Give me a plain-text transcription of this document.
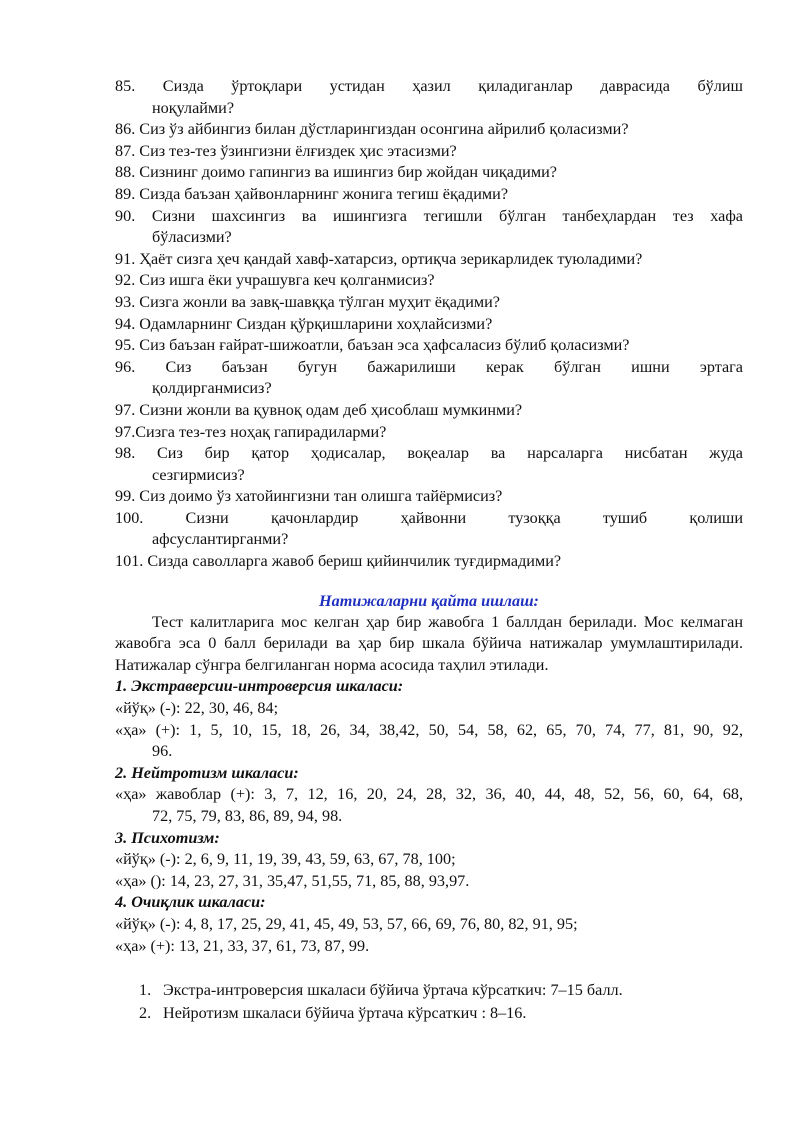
85. Сизда ўртоқлари устидан ҳазил қиладиганлар даврасида бўлиш
ноқулайми?

86. Сиз ўз айбингиз билан дўстларингиздан осонгина айрилиб қоласизми?

87. Сиз тез-тез ўзингизни ёлғиздек ҳис этасизми?

88. Сизнинг доимо гапингиз ва ишингиз бир жойдан чиқадими?

89. Сизда баъзан ҳайвонларнинг жонига тегиш ёқадими?

90. Сизни шахсингиз ва ишингизга тегишли бўлган танбеҳлардан тез хафа
бўласизми?

91. Ҳаёт сизга ҳеч қандай хавф-хатарсиз, ортиқча зерикарлидек туюладими?

92. Сиз ишга ёки учрашувга кеч қолганмисиз?

93. Сизга жонли ва завқ-шавққа тўлган муҳит ёқадими?

94. Одамларнинг Сиздан қўрқишларини хоҳлайсизми?

95. Сиз баъзан ғайрат-шижоатли, баъзан эса ҳафсаласиз бўлиб қоласизми?

96. Сиз баъзан бугун бажарилиши керак бўлган ишни эртага
қолдирганмисиз?

97. Сизни жонли ва қувноқ одам деб ҳисоблаш мумкинми?

97.Сизга тез-тез ноҳақ гапирадиларми?

98. Сиз бир қатор ҳодисалар, воқеалар ва нарсаларга нисбатан жуда
сезгирмисиз?

99. Сиз доимо ўз хатойингизни тан олишга тайёрмисиз?

100. Сизни қачонлардир ҳайвонни тузоққа тушиб қолиши
афсуслантирганми?

101. Сизда саволларга жавоб бериш қийинчилик туғдирмадими?

Натижаларни қайта ишлаш:

Тест калитларига мос келган ҳар бир жавобга 1 баллдан берилади. Мос келмаган жавобга эса 0 балл берилади ва ҳар бир шкала бўйича натижалар умумлаштирилади. Натижалар сўнгра белгиланган норма асосида таҳлил этилади.

1. Экстраверсии-интроверсия шкаласи:

«йўқ» (-): 22, 30, 46, 84;

«ҳа» (+): 1, 5, 10, 15, 18, 26, 34, 38,42, 50, 54, 58, 62, 65, 70, 74, 77, 81, 90, 92,
96.

2. Нейтротизм шкаласи:

«ҳа» жавоблар (+): 3, 7, 12, 16, 20, 24, 28, 32, 36, 40, 44, 48, 52, 56, 60, 64, 68,
72, 75, 79, 83, 86, 89, 94, 98.

3. Психотизм:

«йўқ» (-): 2, 6, 9, 11, 19, 39, 43, 59, 63, 67, 78, 100;

«ҳа» (): 14, 23, 27, 31, 35,47, 51,55, 71, 85, 88, 93,97.

4. Очиқлик шкаласи:

«йўқ» (-): 4, 8, 17, 25, 29, 41, 45, 49, 53, 57, 66, 69, 76, 80, 82, 91, 95;

«ҳа» (+): 13, 21, 33, 37, 61, 73, 87, 99.

1. Экстра-интроверсия шкаласи бўйича ўртача кўрсаткич: 7–15 балл.

2. Нейротизм шкаласи бўйича ўртача кўрсаткич : 8–16.
